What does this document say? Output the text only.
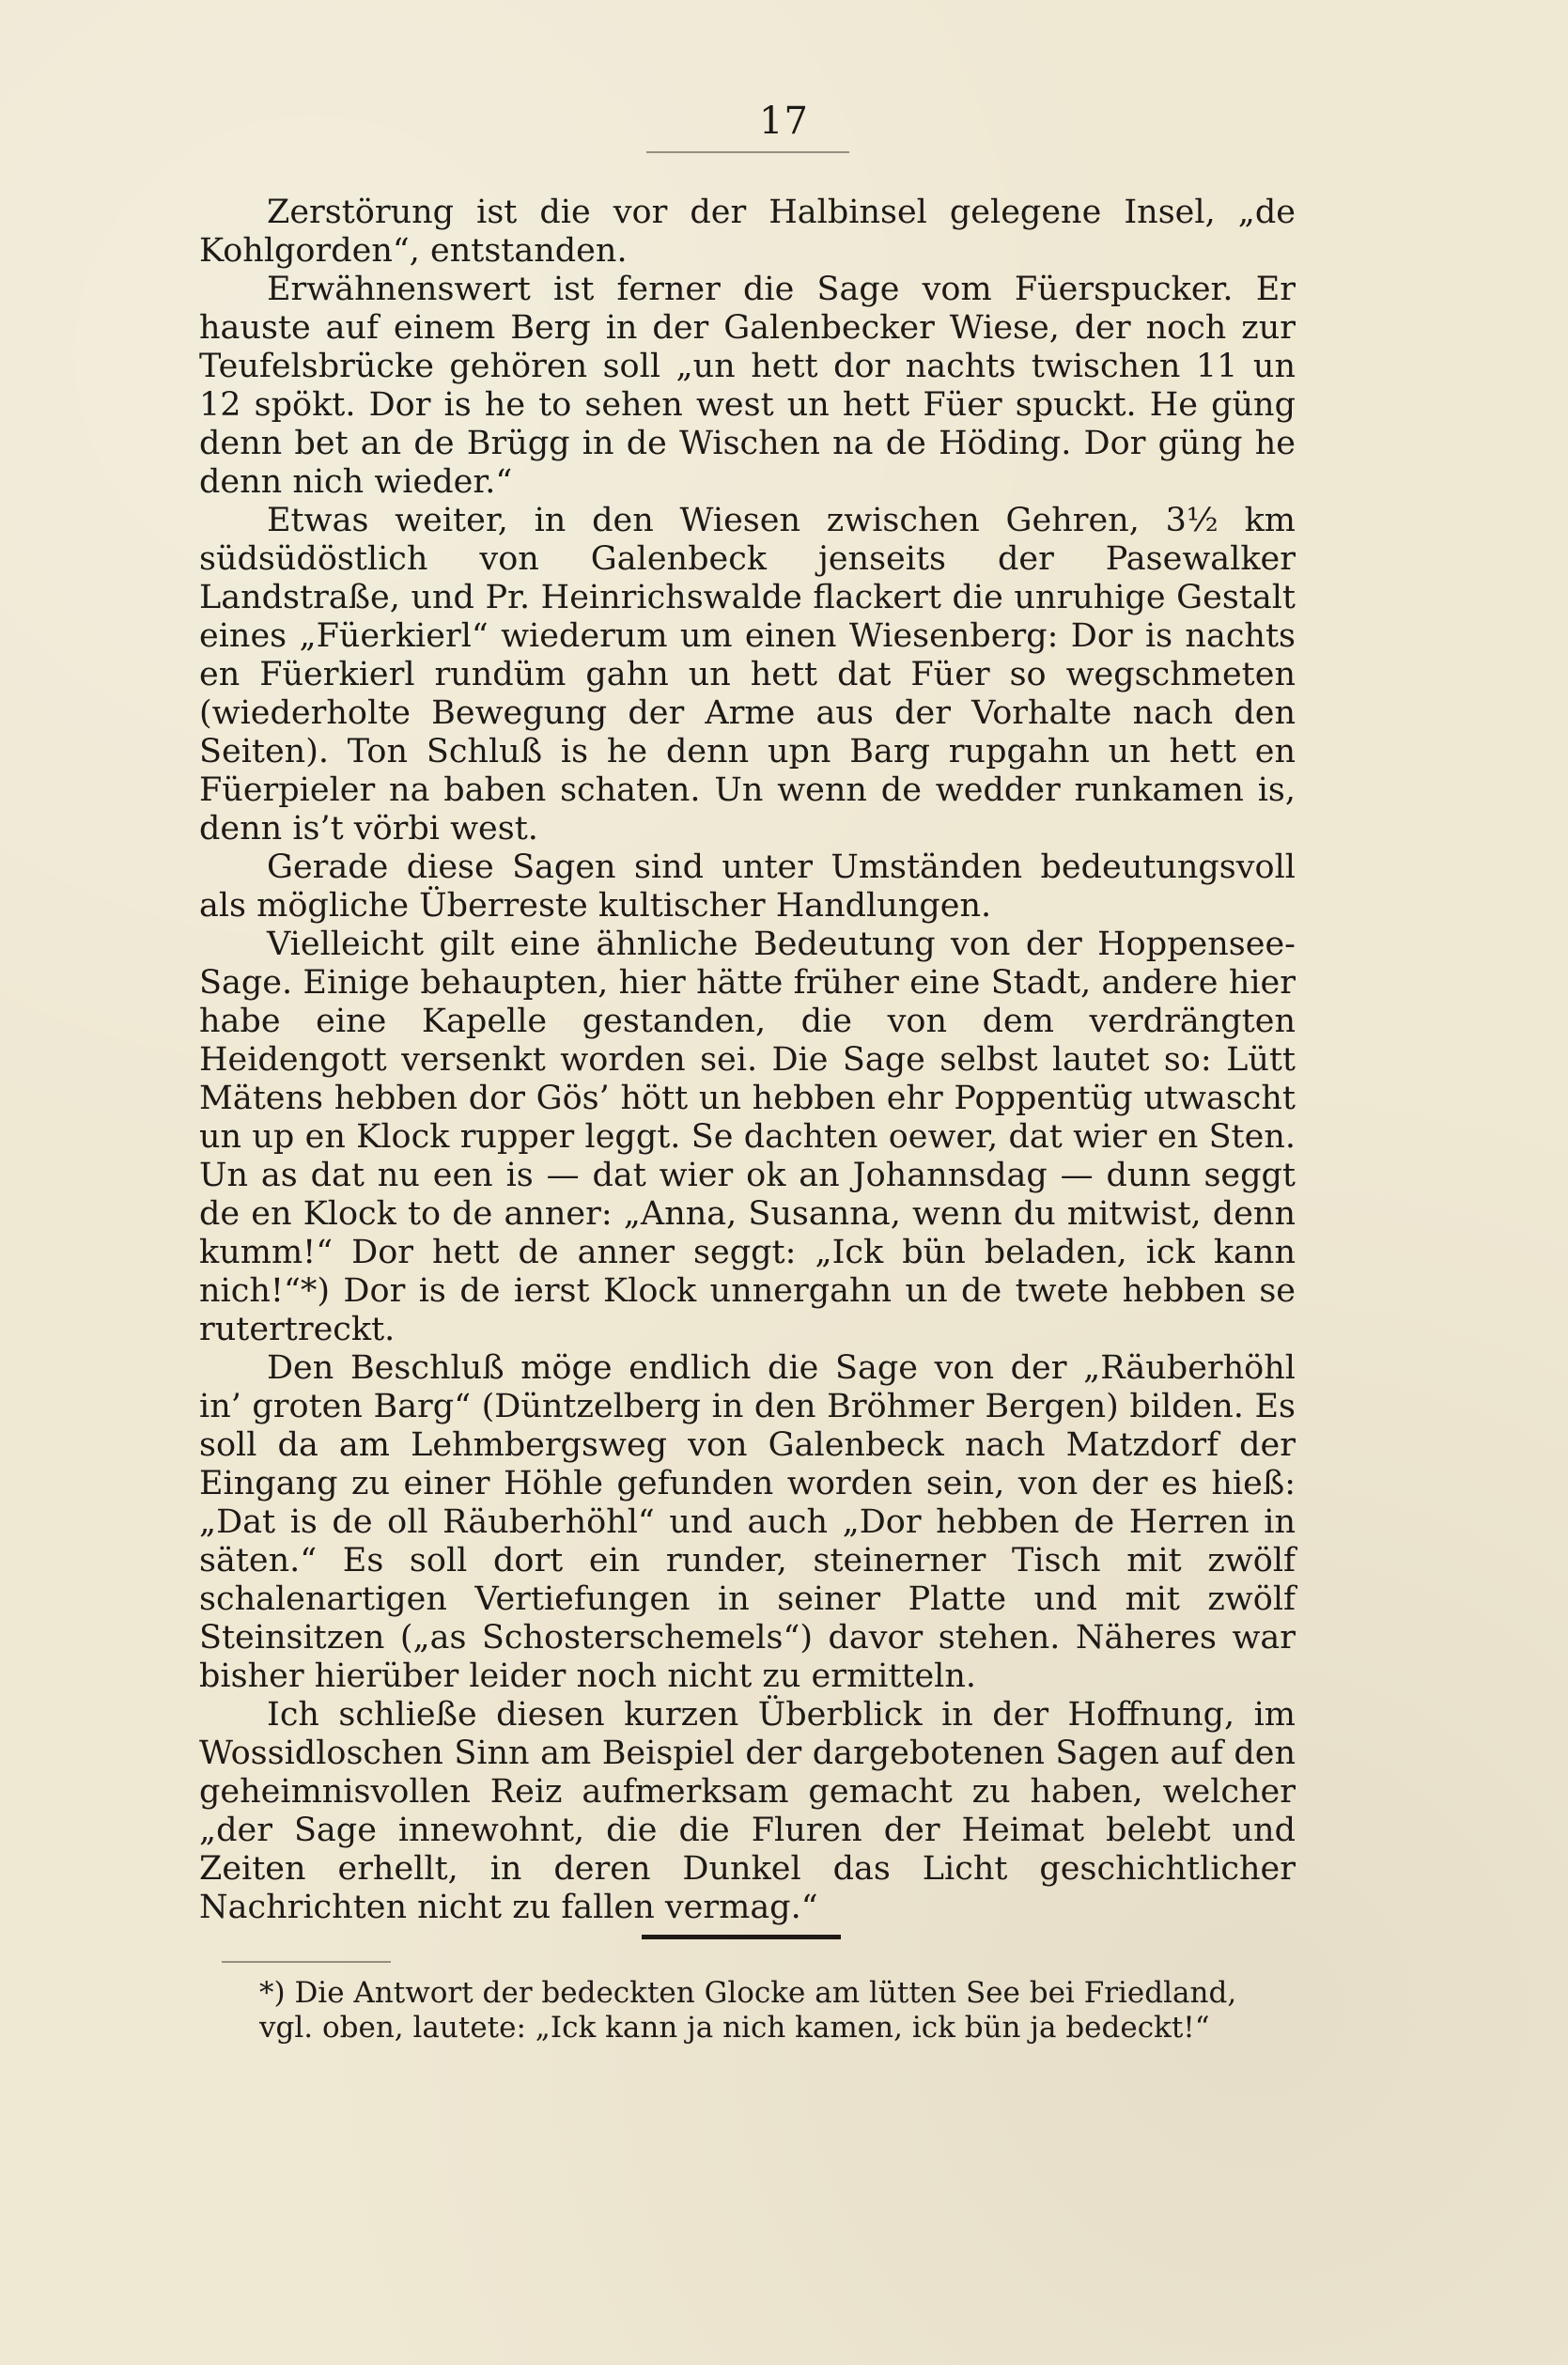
17

Zerstörung ist die vor der Halbinsel gelegene Insel, „de Kohlgorden“, entstanden.

Erwähnenswert ist ferner die Sage vom Füerspucker. Er hauste auf einem Berg in der Galenbecker Wiese, der noch zur Teufelsbrücke gehören soll „un hett dor nachts twischen 11 un 12 spökt. Dor is he to sehen west un hett Füer spuckt. He güng denn bet an de Brügg in de Wischen na de Höding. Dor güng he denn nich wieder.“

Etwas weiter, in den Wiesen zwischen Gehren, 3½ km südsüdöstlich von Galenbeck jenseits der Pasewalker Landstraße, und Pr. Heinrichswalde flackert die unruhige Gestalt eines „Füerkierl“ wiederum um einen Wiesenberg: Dor is nachts en Füerkierl rundüm gahn un hett dat Füer so wegschmeten (wiederholte Bewegung der Arme aus der Vorhalte nach den Seiten). Ton Schluß is he denn upn Barg rupgahn un hett en Füerpieler na baben schaten. Un wenn de wedder runkamen is, denn is’t vörbi west.

Gerade diese Sagen sind unter Umständen bedeutungsvoll als mögliche Überreste kultischer Handlungen.

Vielleicht gilt eine ähnliche Bedeutung von der Hoppensee-Sage. Einige behaupten, hier hätte früher eine Stadt, andere hier habe eine Kapelle gestanden, die von dem verdrängten Heidengott versenkt worden sei. Die Sage selbst lautet so: Lütt Mätens hebben dor Gös’ hött un hebben ehr Poppentüg utwascht un up en Klock rupper leggt. Se dachten oewer, dat wier en Sten. Un as dat nu een is — dat wier ok an Johannsdag — dunn seggt de en Klock to de anner: „Anna, Susanna, wenn du mitwist, denn kumm!“ Dor hett de anner seggt: „Ick bün beladen, ick kann nich!“*) Dor is de ierst Klock unnergahn un de twete hebben se rutertreckt.

Den Beschluß möge endlich die Sage von der „Räuberhöhl in’ groten Barg“ (Düntzelberg in den Bröhmer Bergen) bilden. Es soll da am Lehmbergsweg von Galenbeck nach Matzdorf der Eingang zu einer Höhle gefunden worden sein, von der es hieß: „Dat is de oll Räuberhöhl“ und auch „Dor hebben de Herren in säten.“ Es soll dort ein runder, steinerner Tisch mit zwölf schalenartigen Vertiefungen in seiner Platte und mit zwölf Steinsitzen („as Schosterschemels“) davor stehen. Näheres war bisher hierüber leider noch nicht zu ermitteln.

Ich schließe diesen kurzen Überblick in der Hoffnung, im Wossidloschen Sinn am Beispiel der dargebotenen Sagen auf den geheimnisvollen Reiz aufmerksam gemacht zu haben, welcher „der Sage innewohnt, die die Fluren der Heimat belebt und Zeiten erhellt, in deren Dunkel das Licht geschichtlicher Nachrichten nicht zu fallen vermag.“

*) Die Antwort der bedeckten Glocke am lütten See bei Friedland,
vgl. oben, lautete: „Ick kann ja nich kamen, ick bün ja bedeckt!“
